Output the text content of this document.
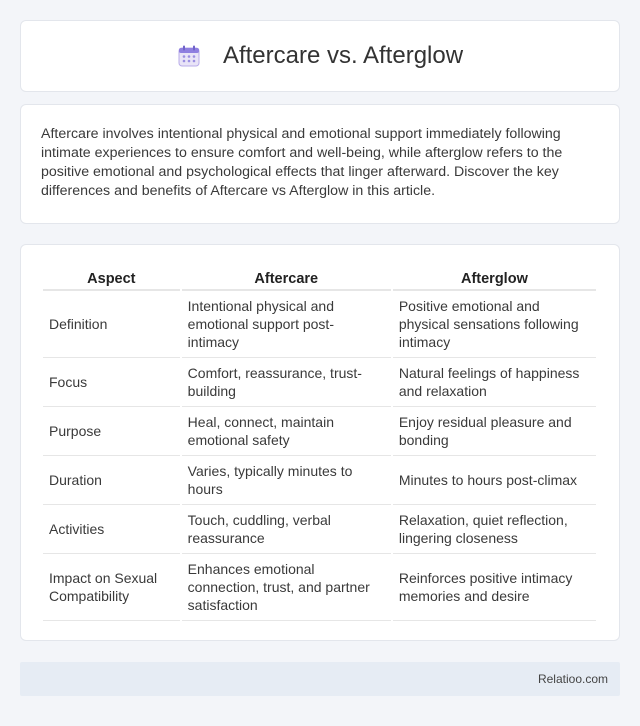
Aftercare vs. Afterglow

Aftercare involves intentional physical and emotional support immediately following intimate experiences to ensure comfort and well-being, while afterglow refers to the positive emotional and psychological effects that linger afterward. Discover the key differences and benefits of Aftercare vs Afterglow in this article.

Aspect	Aftercare	Afterglow
Definition	Intentional physical and emotional support post-intimacy	Positive emotional and physical sensations following intimacy
Focus	Comfort, reassurance, trust-building	Natural feelings of happiness and relaxation
Purpose	Heal, connect, maintain emotional safety	Enjoy residual pleasure and bonding
Duration	Varies, typically minutes to hours	Minutes to hours post-climax
Activities	Touch, cuddling, verbal reassurance	Relaxation, quiet reflection, lingering closeness
Impact on Sexual Compatibility	Enhances emotional connection, trust, and partner satisfaction	Reinforces positive intimacy memories and desire
Relatioo.com
